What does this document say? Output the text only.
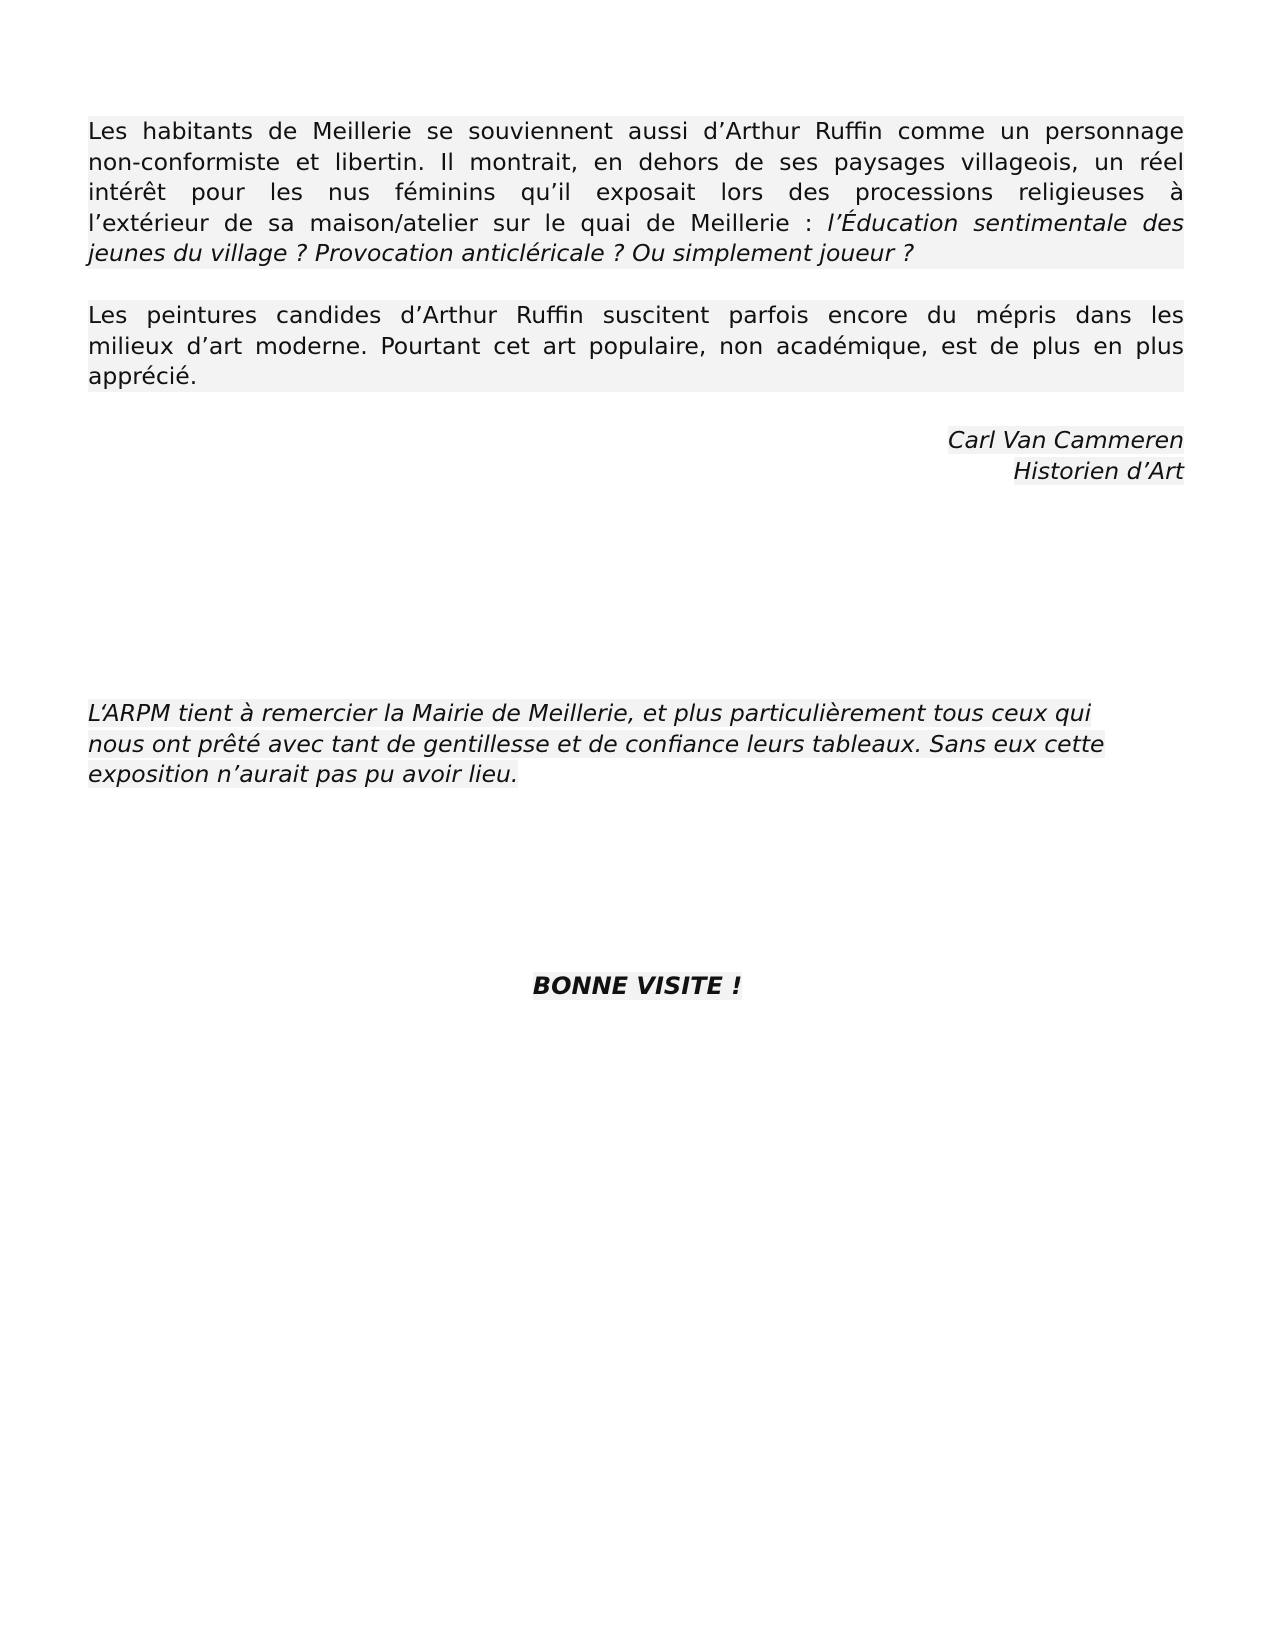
Les habitants de Meillerie se souviennent aussi d’Arthur Ruffin comme un personnage
non-conformiste et libertin. Il montrait, en dehors de ses paysages villageois, un réel
intérêt pour les nus féminins qu’il exposait lors des processions religieuses à
l’extérieur de sa maison/atelier sur le quai de Meillerie : l’Éducation sentimentale des
jeunes du village ? Provocation anticléricale ? Ou simplement joueur ?
Les peintures candides d’Arthur Ruffin suscitent parfois encore du mépris dans les
milieux d’art moderne. Pourtant cet art populaire, non académique, est de plus en plus
apprécié.
Carl Van Cammeren
Historien d’Art
L‘ARPM tient à remercier la Mairie de Meillerie, et plus particulièrement tous ceux qui
nous ont prêté avec tant de gentillesse et de confiance leurs tableaux. Sans eux cette
exposition n’aurait pas pu avoir lieu.
BONNE VISITE !
